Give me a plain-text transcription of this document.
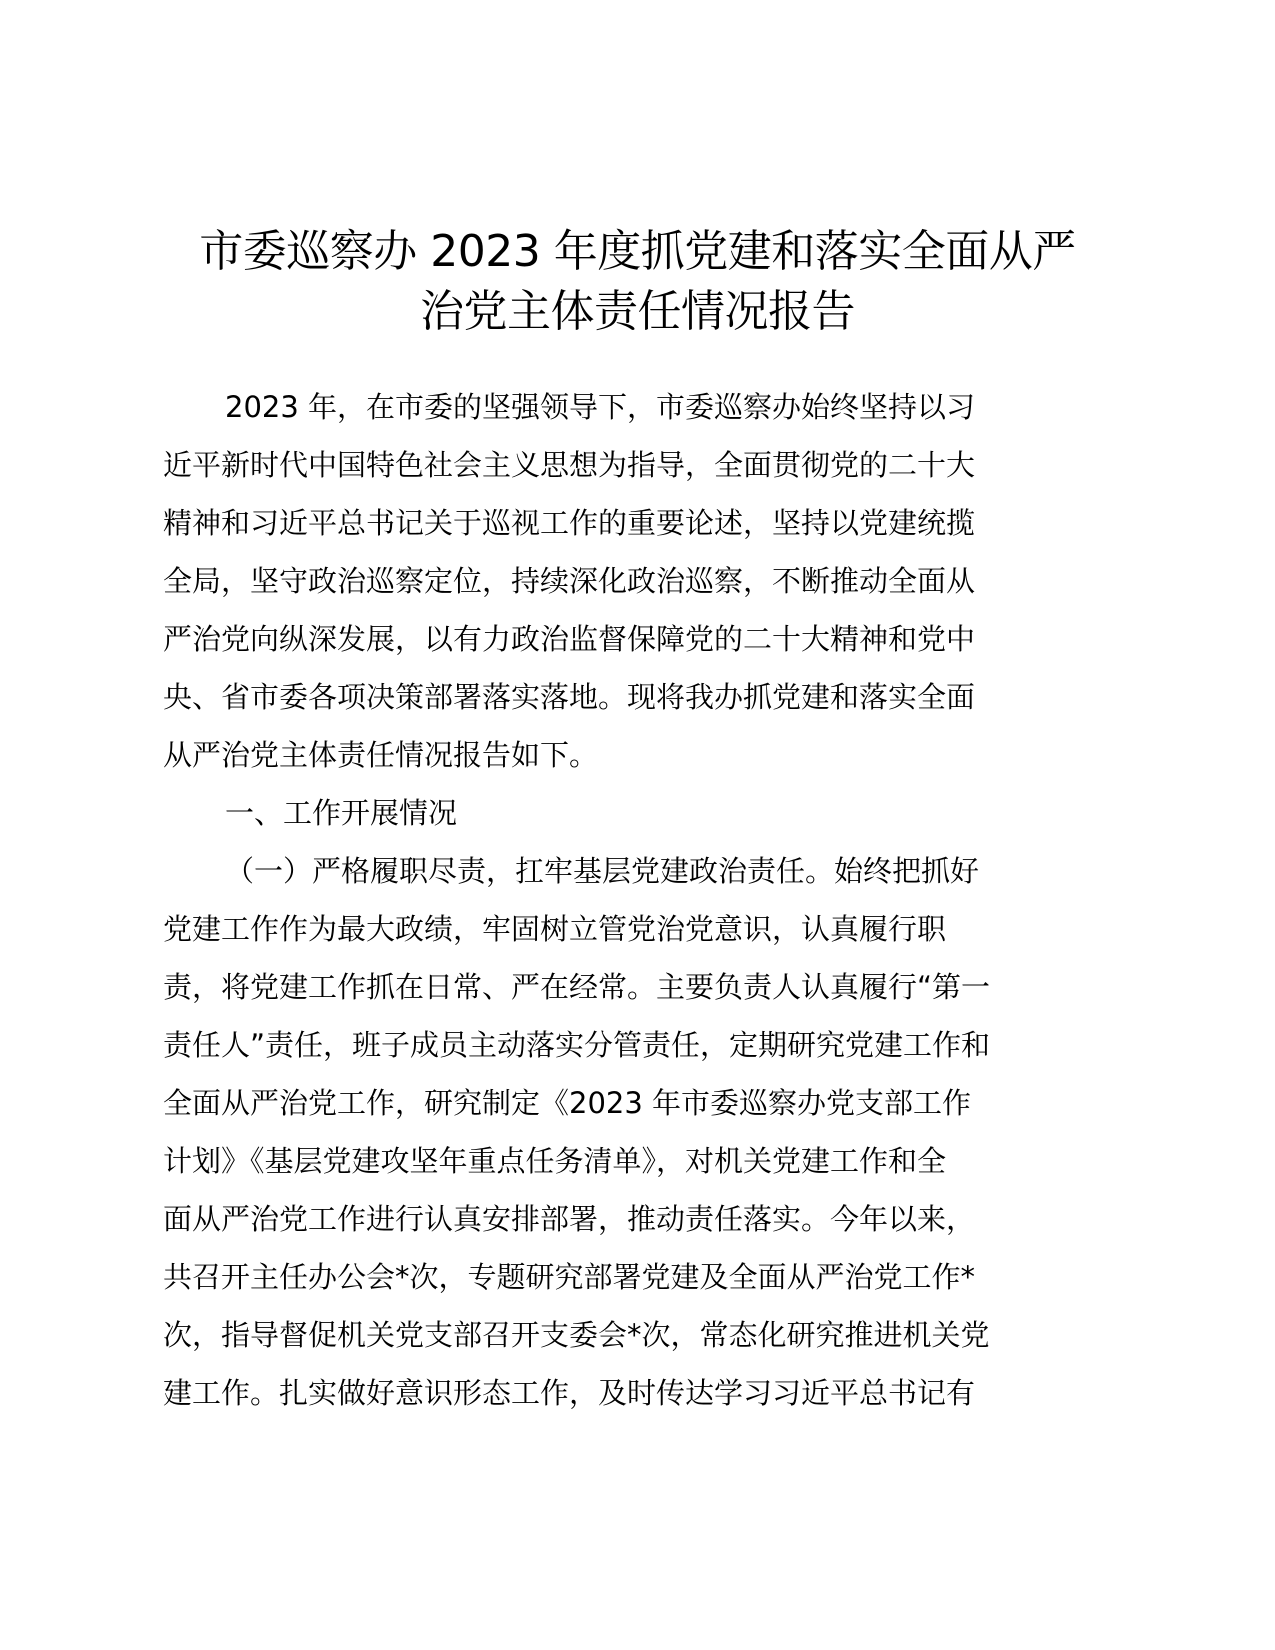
市委巡察办 2023 年度抓党建和落实全面从严
治党主体责任情况报告
2023 年，在市委的坚强领导下，市委巡察办始终坚持以习
近平新时代中国特色社会主义思想为指导，全面贯彻党的二十大
精神和习近平总书记关于巡视工作的重要论述，坚持以党建统揽
全局，坚守政治巡察定位，持续深化政治巡察，不断推动全面从
严治党向纵深发展，以有力政治监督保障党的二十大精神和党中
央、省市委各项决策部署落实落地。现将我办抓党建和落实全面
从严治党主体责任情况报告如下。
一、工作开展情况
（一）严格履职尽责，扛牢基层党建政治责任。始终把抓好
党建工作作为最大政绩，牢固树立管党治党意识，认真履行职
责，将党建工作抓在日常、严在经常。主要负责人认真履行“第一
责任人”责任，班子成员主动落实分管责任，定期研究党建工作和
全面从严治党工作，研究制定《2023 年市委巡察办党支部工作
计划》《基层党建攻坚年重点任务清单》，对机关党建工作和全
面从严治党工作进行认真安排部署，推动责任落实。今年以来，
共召开主任办公会*次，专题研究部署党建及全面从严治党工作*
次，指导督促机关党支部召开支委会*次，常态化研究推进机关党
建工作。扎实做好意识形态工作，及时传达学习习近平总书记有
